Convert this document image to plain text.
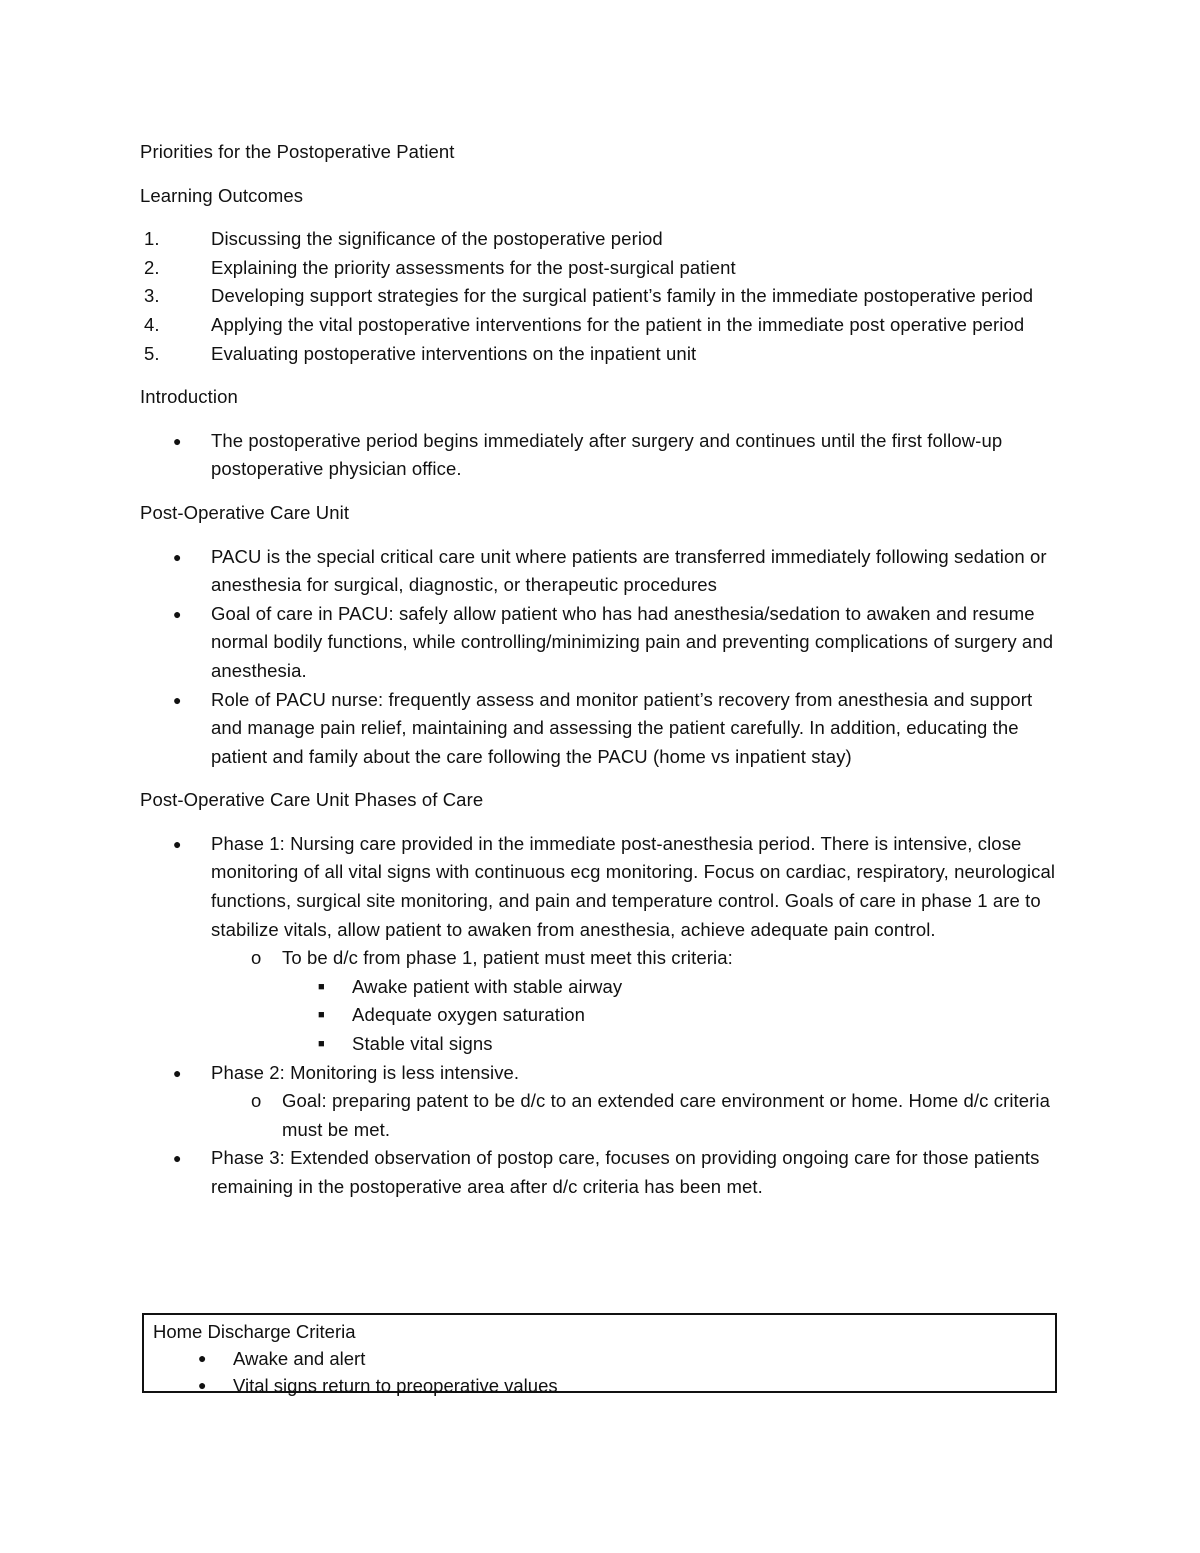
Priorities for the Postoperative Patient

Learning Outcomes

1.	Discussing the significance of the postoperative period
2.	Explaining the priority assessments for the post-surgical patient
3.	Developing support strategies for the surgical patient’s family in the immediate postoperative period
4.	Applying the vital postoperative interventions for the patient in the immediate post operative period
5.	Evaluating postoperative interventions on the inpatient unit

Introduction

● The postoperative period begins immediately after surgery and continues until the first follow-up postoperative physician office.

Post-Operative Care Unit

● PACU is the special critical care unit where patients are transferred immediately following sedation or anesthesia for surgical, diagnostic, or therapeutic procedures
● Goal of care in PACU: safely allow patient who has had anesthesia/sedation to awaken and resume normal bodily functions, while controlling/minimizing pain and preventing complications of surgery and anesthesia.
● Role of PACU nurse: frequently assess and monitor patient’s recovery from anesthesia and support and manage pain relief, maintaining and assessing the patient carefully. In addition, educating the patient and family about the care following the PACU (home vs inpatient stay)

Post-Operative Care Unit Phases of Care

● Phase 1: Nursing care provided in the immediate post-anesthesia period. There is intensive, close monitoring of all vital signs with continuous ecg monitoring. Focus on cardiac, respiratory, neurological functions, surgical site monitoring, and pain and temperature control. Goals of care in phase 1 are to stabilize vitals, allow patient to awaken from anesthesia, achieve adequate pain control.
o To be d/c from phase 1, patient must meet this criteria:
■ Awake patient with stable airway
■ Adequate oxygen saturation
■ Stable vital signs
● Phase 2: Monitoring is less intensive.
o Goal: preparing patent to be d/c to an extended care environment or home. Home d/c criteria must be met.
● Phase 3: Extended observation of postop care, focuses on providing ongoing care for those patients remaining in the postoperative area after d/c criteria has been met.
Home Discharge Criteria
● Awake and alert
● Vital signs return to preoperative values
